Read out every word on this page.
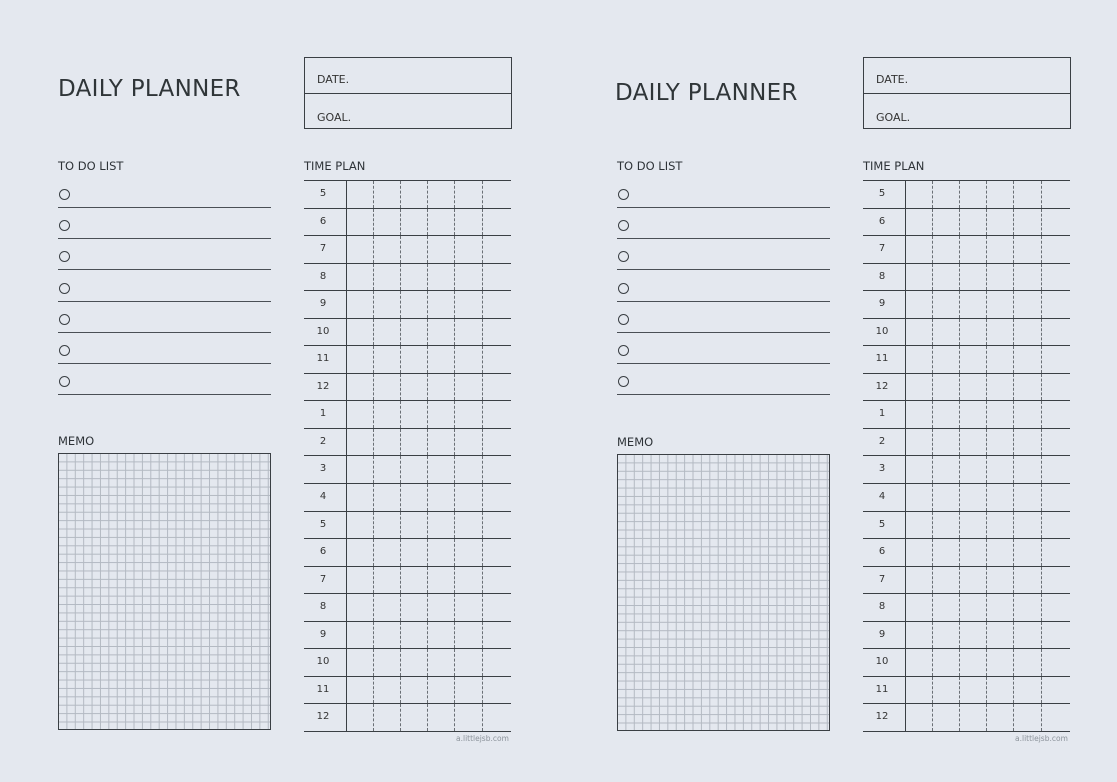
DAILY PLANNER	DATE.
GOAL.
TO DO LIST
MEMO
TIME PLAN
5
6
7
8
9
10
11
12
1
2
3
4
5
6
7
8
9
10
11
12
a.littlejsb.com
DAILY PLANNER
DATE.
GOAL.
TO DO LIST
MEMO
TIME PLAN
5
6
7
8
9
10
11
12
1
2
3
4
5
6
7
8
9
10
11
12
a.littlejsb.com
